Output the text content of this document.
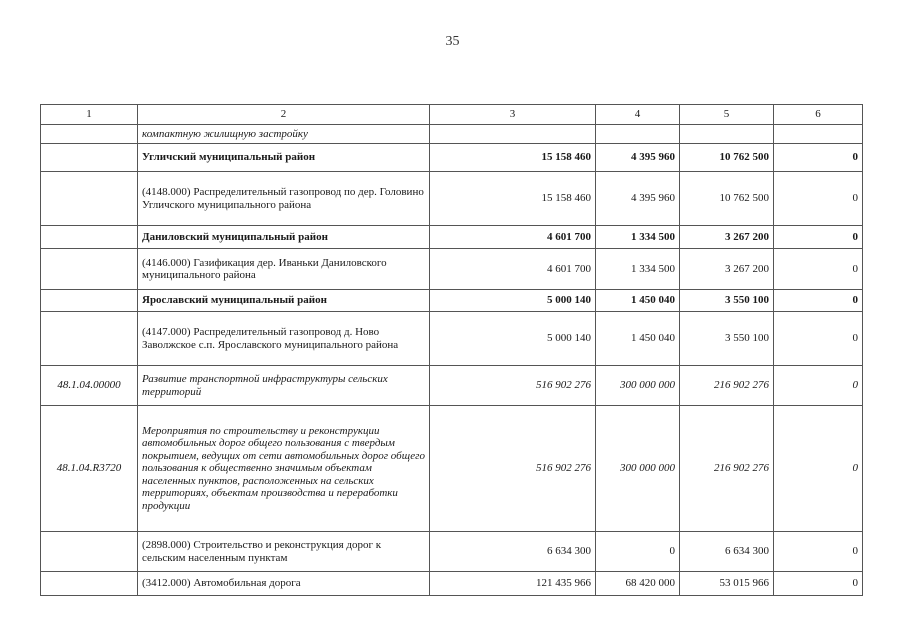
35
1	2	3	4	5	6
	компактную жилищную застройку				
	Угличский муниципальный район	15 158 460	4 395 960	10 762 500	0
	(4148.000) Распределительный газопровод по дер. Головино Угличского муниципального района	15 158 460	4 395 960	10 762 500	0
	Даниловский муниципальный район	4 601 700	1 334 500	3 267 200	0
	(4146.000) Газификация дер. Иваньки Даниловского муниципального района	4 601 700	1 334 500	3 267 200	0
	Ярославский муниципальный район	5 000 140	1 450 040	3 550 100	0
	(4147.000) Распределительный газопровод д. Ново Заволжское с.п. Ярославского муниципального района	5 000 140	1 450 040	3 550 100	0
48.1.04.00000	Развитие транспортной инфраструктуры сельских территорий	516 902 276	300 000 000	216 902 276	0
48.1.04.R3720	Мероприятия по строительству и реконструкции автомобильных дорог общего пользования с твердым покрытием, ведущих от сети автомобильных дорог общего пользования к общественно значимым объектам населенных пунктов, расположенных на сельских территориях, объектам производства и переработки продукции	516 902 276	300 000 000	216 902 276	0
	(2898.000) Строительство и реконструкция дорог к сельским населенным пунктам	6 634 300	0	6 634 300	0
	(3412.000) Автомобильная дорога	121 435 966	68 420 000	53 015 966	0
